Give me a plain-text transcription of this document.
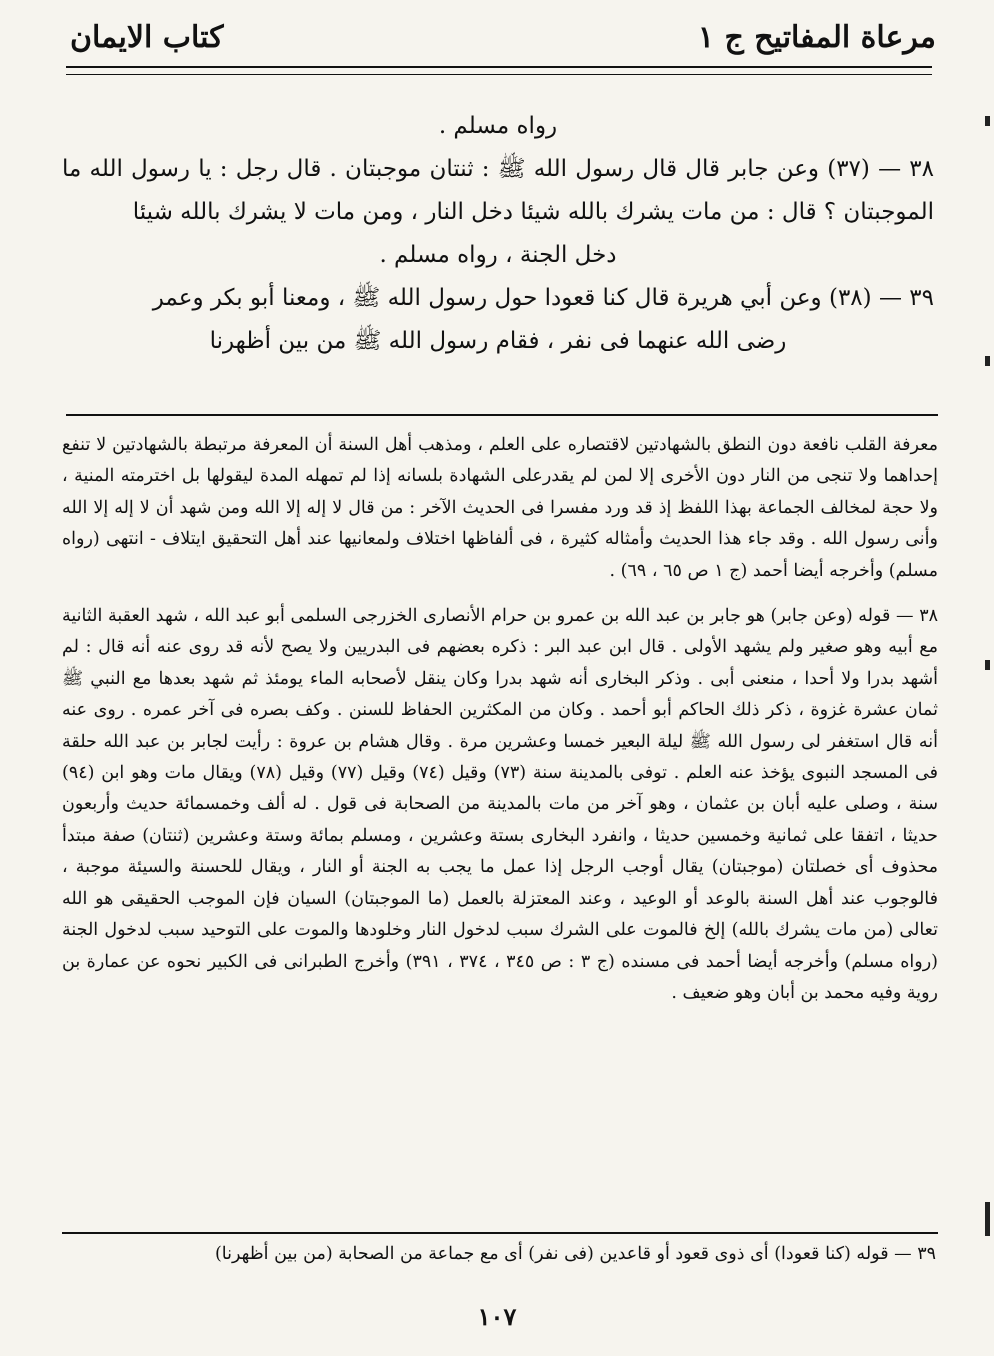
مرعاة المفاتيح ج ١
كتاب الايمان
رواه مسلم .
٣٨ — (٣٧) وعن جابر قال قال رسول الله ﷺ : ثنتان موجبتان . قال رجل : يا رسول الله ما الموجبتان ؟ قال : من مات يشرك بالله شيئا دخل النار ، ومن مات لا يشرك بالله شيئا
دخل الجنة ، رواه مسلم .
٣٩ — (٣٨) وعن أبي هريرة قال كنا قعودا حول رسول الله ﷺ ، ومعنا أبو بكر وعمر
رضى الله عنهما فى نفر ، فقام رسول الله ﷺ من بين أظهرنا

معرفة القلب نافعة دون النطق بالشهادتين لاقتصاره على العلم ، ومذهب أهل السنة أن المعرفة مرتبطة بالشهادتين لا تنفع إحداهما ولا تنجى من النار دون الأخرى إلا لمن لم يقدرعلى الشهادة بلسانه إذا لم تمهله المدة ليقولها بل اخترمته المنية ، ولا حجة لمخالف الجماعة بهذا اللفظ إذ قد ورد مفسرا فى الحديث الآخر : من قال لا إله إلا الله ومن شهد أن لا إله إلا الله وأنى رسول الله . وقد جاء هذا الحديث وأمثاله كثيرة ، فى ألفاظها اختلاف ولمعانيها عند أهل التحقيق ايتلاف - انتهى (رواه مسلم) وأخرجه أيضا أحمد (ج ١ ص ٦٥ ، ٦٩) .

٣٨ — قوله (وعن جابر) هو جابر بن عبد الله بن عمرو بن حرام الأنصارى الخزرجى السلمى أبو عبد الله ، شهد العقبة الثانية مع أبيه وهو صغير ولم يشهد الأولى . قال ابن عبد البر : ذكره بعضهم فى البدريين ولا يصح لأنه قد روى عنه أنه قال : لم أشهد بدرا ولا أحدا ، منعنى أبى . وذكر البخارى أنه شهد بدرا وكان ينقل لأصحابه الماء يومئذ ثم شهد بعدها مع النبي ﷺ ثمان عشرة غزوة ، ذكر ذلك الحاكم أبو أحمد . وكان من المكثرين الحفاظ للسنن . وكف بصره فى آخر عمره . روى عنه أنه قال استغفر لى رسول الله ﷺ ليلة البعير خمسا وعشرين مرة . وقال هشام بن عروة : رأيت لجابر بن عبد الله حلقة فى المسجد النبوى يؤخذ عنه العلم . توفى بالمدينة سنة (٧٣) وقيل (٧٤) وقيل (٧٧) وقيل (٧٨) ويقال مات وهو ابن (٩٤) سنة ، وصلى عليه أبان بن عثمان ، وهو آخر من مات بالمدينة من الصحابة فى قول . له ألف وخمسمائة حديث وأربعون حديثا ، اتفقا على ثمانية وخمسين حديثا ، وانفرد البخارى بستة وعشرين ، ومسلم بمائة وستة وعشرين (ثنتان) صفة مبتدأ محذوف أى خصلتان (موجبتان) يقال أوجب الرجل إذا عمل ما يجب به الجنة أو النار ، ويقال للحسنة والسيئة موجبة ، فالوجوب عند أهل السنة بالوعد أو الوعيد ، وعند المعتزلة بالعمل (ما الموجبتان) السيان فإن الموجب الحقيقى هو الله تعالى (من مات يشرك بالله) إلخ فالموت على الشرك سبب لدخول النار وخلودها والموت على التوحيد سبب لدخول الجنة (رواه مسلم) وأخرجه أيضا أحمد فى مسنده (ج ٣ : ص ٣٤٥ ، ٣٧٤ ، ٣٩١) وأخرج الطبرانى فى الكبير نحوه عن عمارة بن روية وفيه محمد بن أبان وهو ضعيف .

٣٩ — قوله (كنا قعودا) أى ذوى قعود أو قاعدين (فى نفر) أى مع جماعة من الصحابة (من بين أظهرنا)
١٠٧
